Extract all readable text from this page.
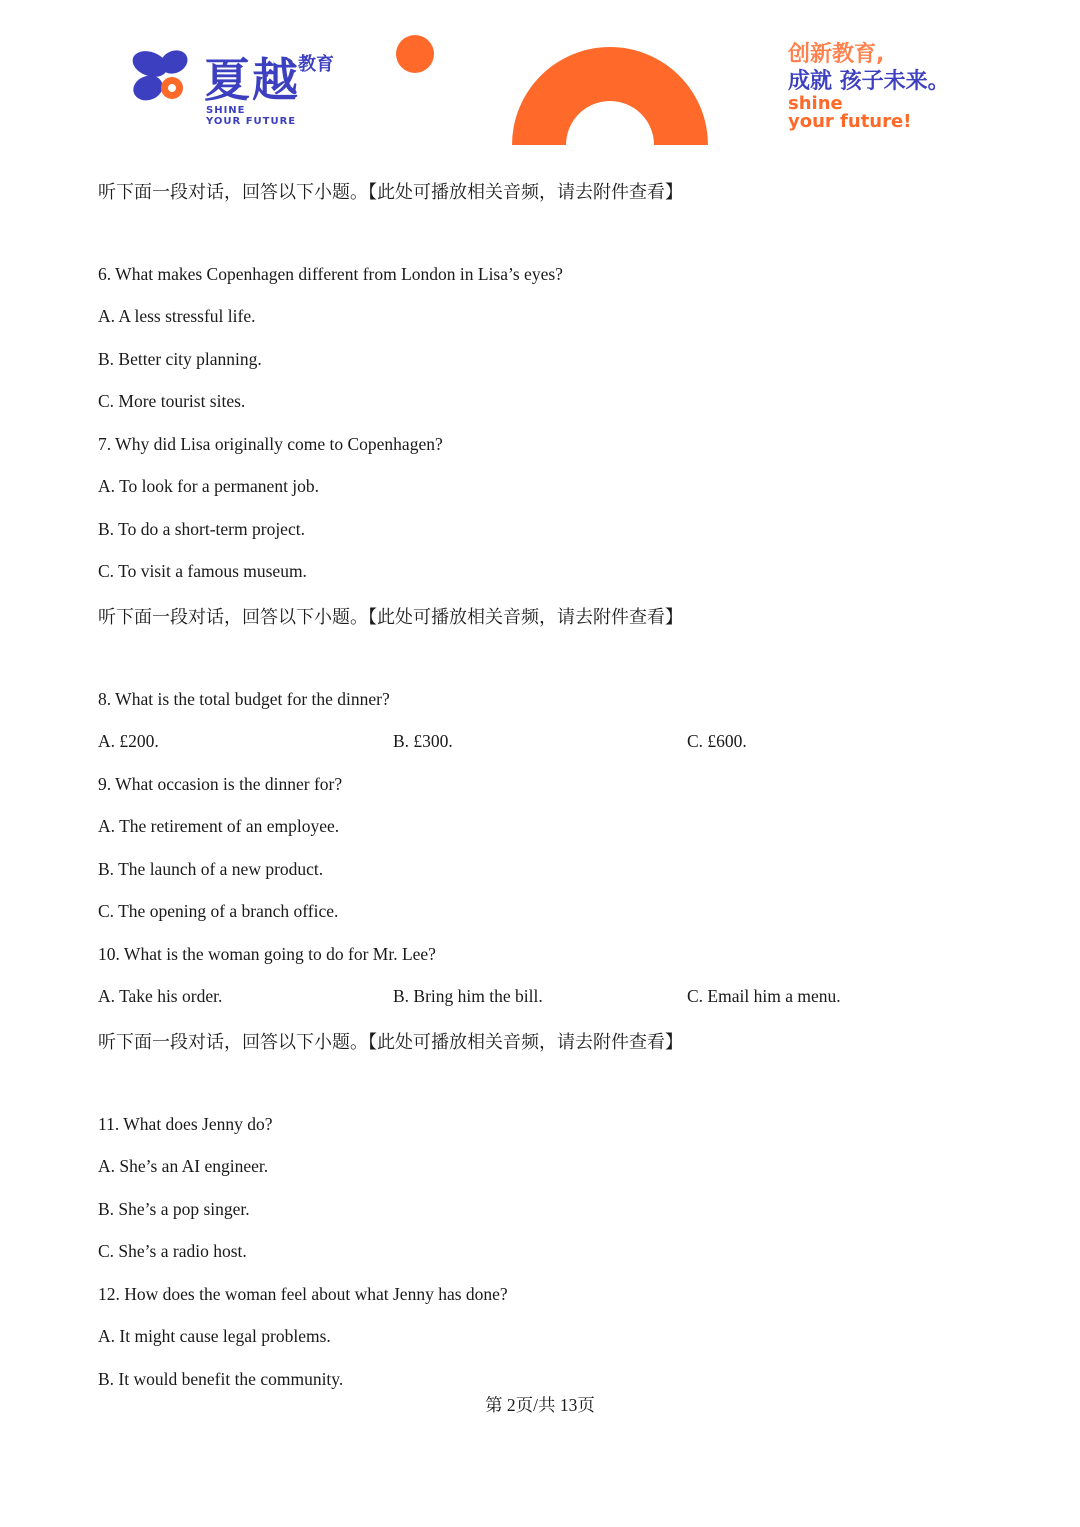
夏越
教育
SHINE
YOUR FUTURE
创新教育,
成就 孩子未来。
shine
your future!
听下面一段对话，回答以下小题。【此处可播放相关音频，请去附件查看】
6. What makes Copenhagen different from London in Lisa’s eyes?
A. A less stressful life.
B. Better city planning.
C. More tourist sites.
7. Why did Lisa originally come to Copenhagen?
A. To look for a permanent job.
B. To do a short-term project.
C. To visit a famous museum.
听下面一段对话，回答以下小题。【此处可播放相关音频，请去附件查看】
8. What is the total budget for the dinner?
A. £200.	B. £300.	C. £600.
9. What occasion is the dinner for?
A. The retirement of an employee.
B. The launch of a new product.
C. The opening of a branch office.
10. What is the woman going to do for Mr. Lee?
A. Take his order.	B. Bring him the bill.	C. Email him a menu.
听下面一段对话，回答以下小题。【此处可播放相关音频，请去附件查看】
11. What does Jenny do?
A. She’s an AI engineer.
B. She’s a pop singer.
C. She’s a radio host.
12. How does the woman feel about what Jenny has done?
A. It might cause legal problems.
B. It would benefit the community.
第 2页/共 13页
